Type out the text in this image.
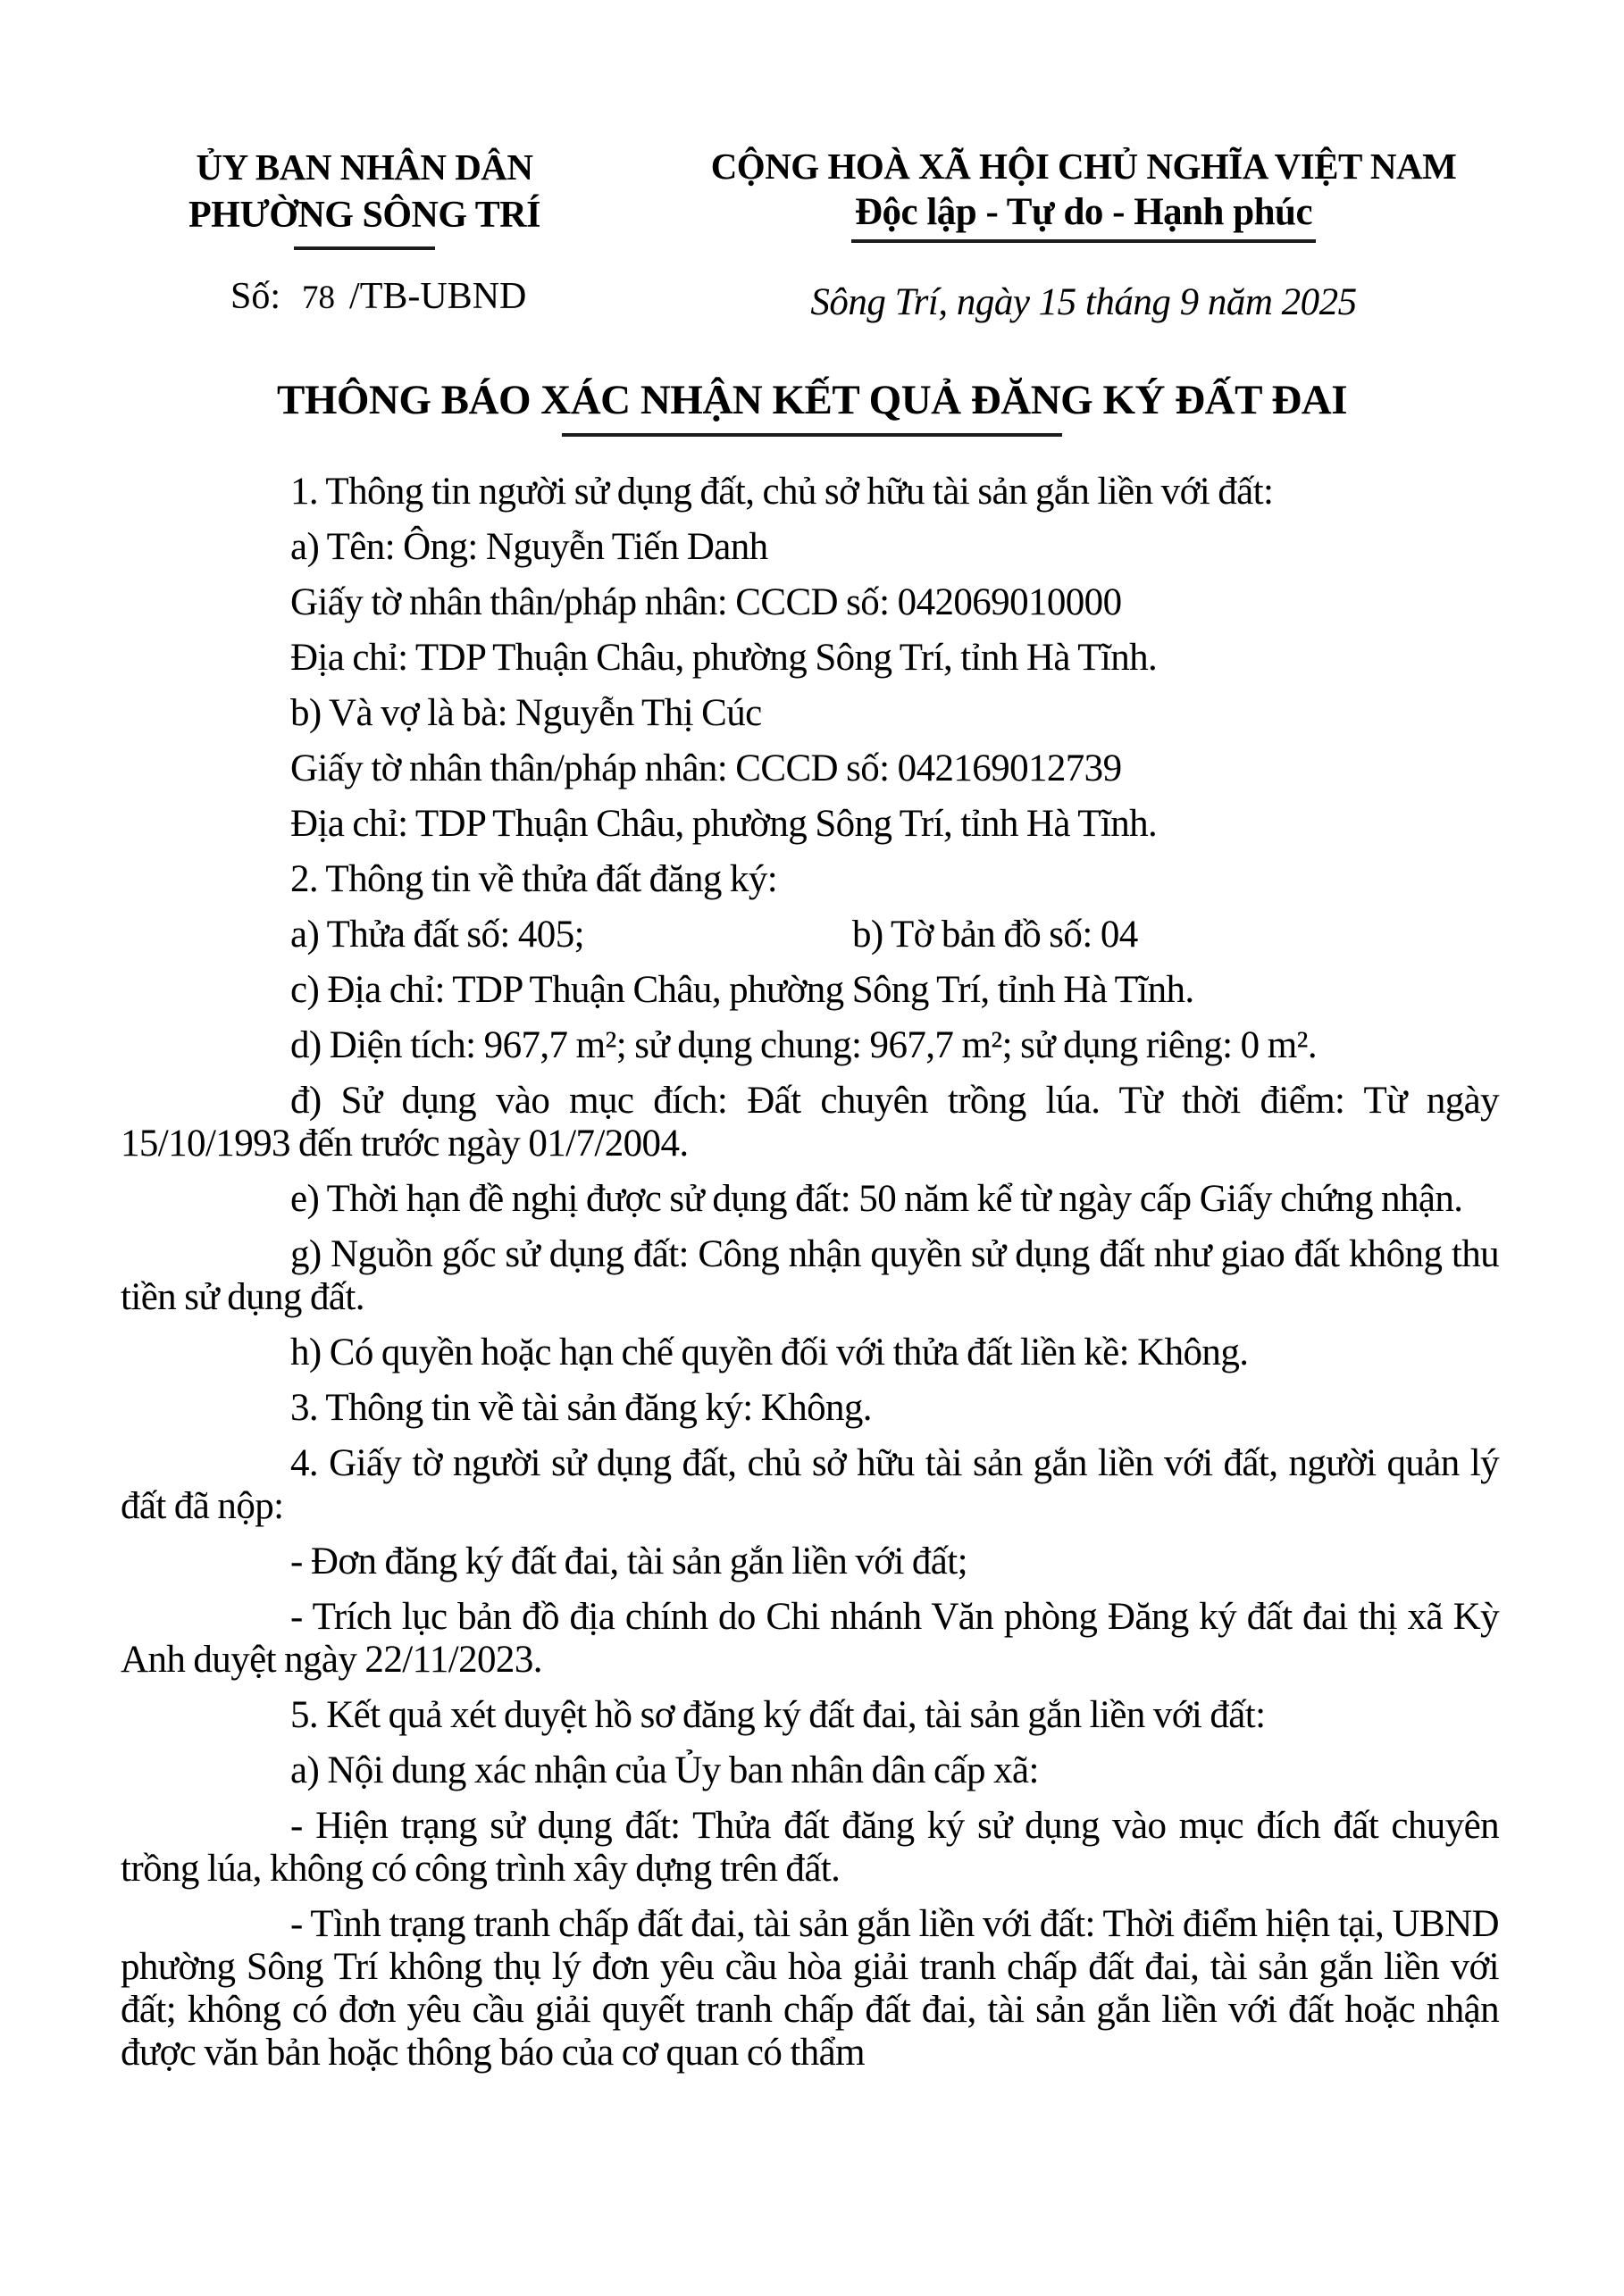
ỦY BAN NHÂN DÂN
PHƯỜNG SÔNG TRÍ
Số: 78 /TB-UBND
CỘNG HOÀ XÃ HỘI CHỦ NGHĨA VIỆT NAM
Độc lập - Tự do - Hạnh phúc
Sông Trí, ngày 15 tháng 9 năm 2025
THÔNG BÁO XÁC NHẬN KẾT QUẢ ĐĂNG KÝ ĐẤT ĐAI

1. Thông tin người sử dụng đất, chủ sở hữu tài sản gắn liền với đất:

a) Tên: Ông: Nguyễn Tiến Danh

Giấy tờ nhân thân/pháp nhân: CCCD số: 042069010000

Địa chỉ: TDP Thuận Châu, phường Sông Trí, tỉnh Hà Tĩnh.

b) Và vợ là bà: Nguyễn Thị Cúc

Giấy tờ nhân thân/pháp nhân: CCCD số: 042169012739

Địa chỉ: TDP Thuận Châu, phường Sông Trí, tỉnh Hà Tĩnh.

2. Thông tin về thửa đất đăng ký:

a) Thửa đất số: 405;	b) Tờ bản đồ số: 04

c) Địa chỉ: TDP Thuận Châu, phường Sông Trí, tỉnh Hà Tĩnh.

d) Diện tích: 967,7 m²; sử dụng chung: 967,7 m²; sử dụng riêng: 0 m².

đ) Sử dụng vào mục đích: Đất chuyên trồng lúa. Từ thời điểm: Từ ngày 15/10/1993 đến trước ngày 01/7/2004.

e) Thời hạn đề nghị được sử dụng đất: 50 năm kể từ ngày cấp Giấy chứng nhận.

g) Nguồn gốc sử dụng đất: Công nhận quyền sử dụng đất như giao đất không thu tiền sử dụng đất.

h) Có quyền hoặc hạn chế quyền đối với thửa đất liền kề: Không.

3. Thông tin về tài sản đăng ký: Không.

4. Giấy tờ người sử dụng đất, chủ sở hữu tài sản gắn liền với đất, người quản lý đất đã nộp:

- Đơn đăng ký đất đai, tài sản gắn liền với đất;

- Trích lục bản đồ địa chính do Chi nhánh Văn phòng Đăng ký đất đai thị xã Kỳ Anh duyệt ngày 22/11/2023.

5. Kết quả xét duyệt hồ sơ đăng ký đất đai, tài sản gắn liền với đất:

a) Nội dung xác nhận của Ủy ban nhân dân cấp xã:

- Hiện trạng sử dụng đất: Thửa đất đăng ký sử dụng vào mục đích đất chuyên trồng lúa, không có công trình xây dựng trên đất.

- Tình trạng tranh chấp đất đai, tài sản gắn liền với đất: Thời điểm hiện tại, UBND phường Sông Trí không thụ lý đơn yêu cầu hòa giải tranh chấp đất đai, tài sản gắn liền với đất; không có đơn yêu cầu giải quyết tranh chấp đất đai, tài sản gắn liền với đất hoặc nhận được văn bản hoặc thông báo của cơ quan có thẩm
